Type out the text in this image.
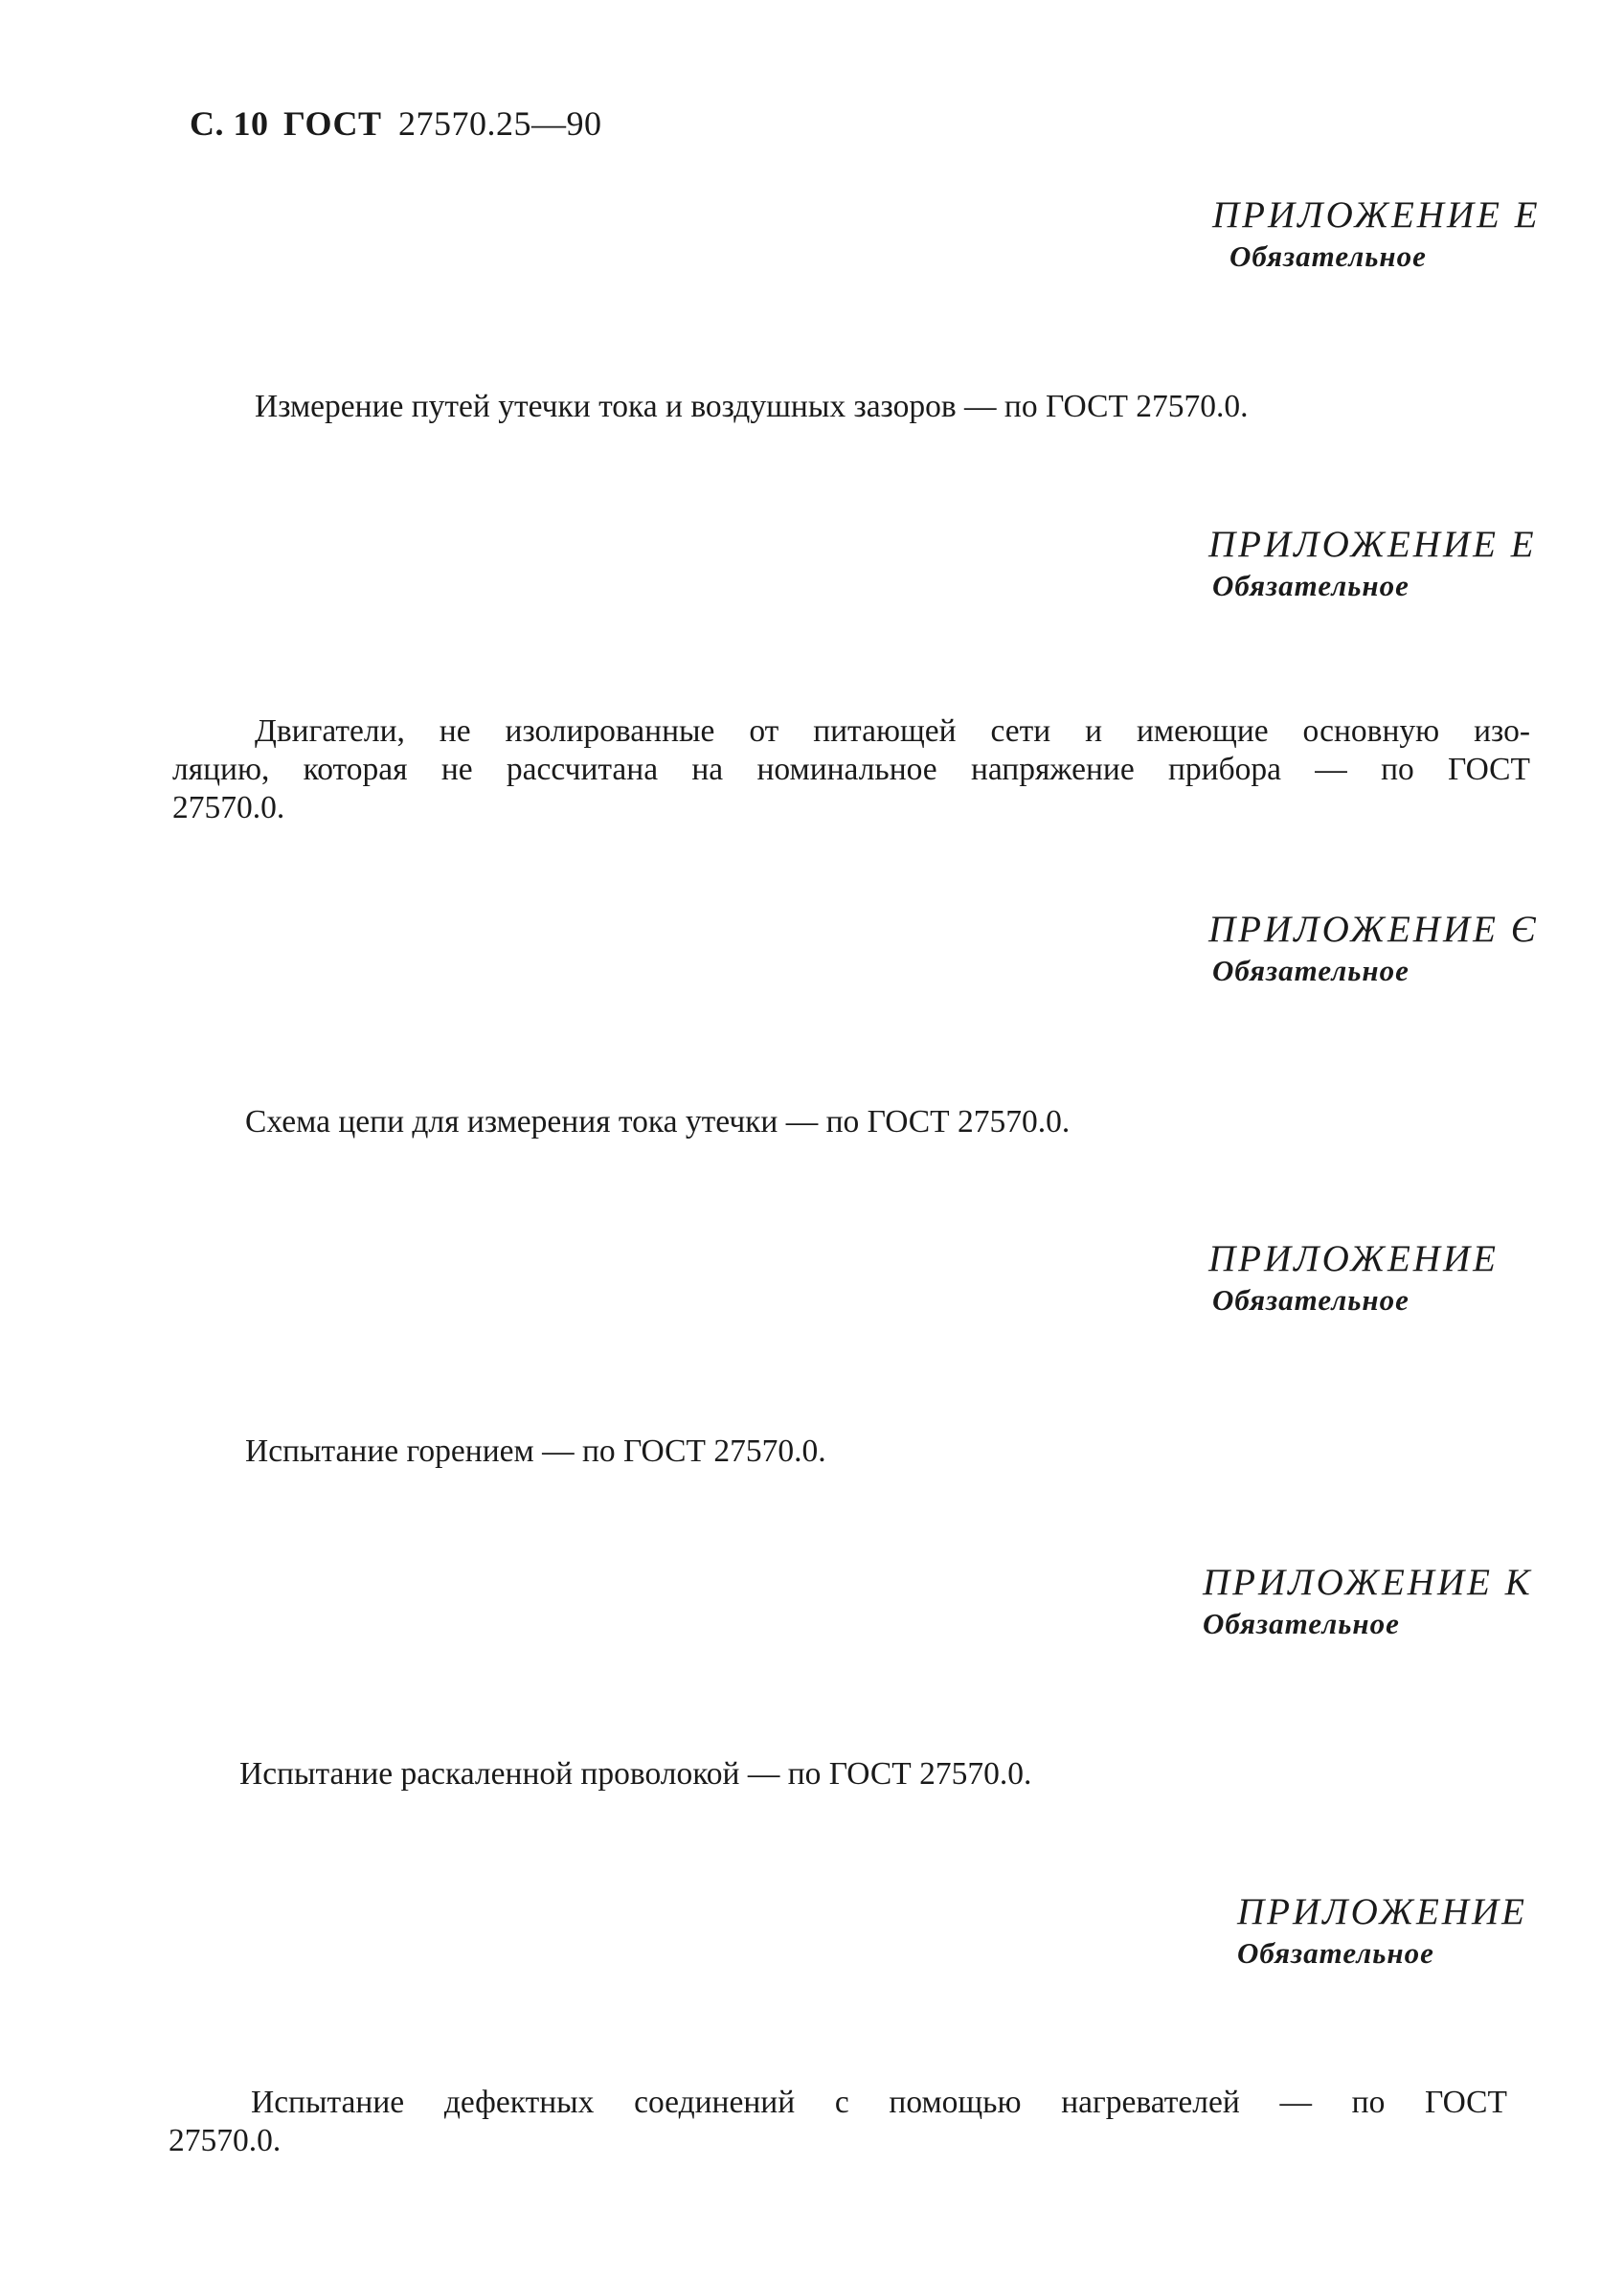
С. 10 ГОСТ 27570.25—90
ПРИЛОЖЕНИЕ Е
Обязательное
Измерение путей утечки тока и воздушных зазоров — по ГОСТ 27570.0.
ПРИЛОЖЕНИЕ Е
Обязательное
Двигатели, не изолированные от питающей сети и имеющие основную изо-
ляцию, которая не рассчитана на номинальное напряжение прибора — по ГОСТ
27570.0.
ПРИЛОЖЕНИЕ Є
Обязательное
Схема цепи для измерения тока утечки — по ГОСТ 27570.0.
ПРИЛОЖЕНИЕ
Обязательное
Испытание горением — по ГОСТ 27570.0.
ПРИЛОЖЕНИЕ К
Обязательное
Испытание раскаленной проволокой — по ГОСТ 27570.0.
ПРИЛОЖЕНИЕ
Обязательное
Испытание дефектных соединений с помощью нагревателей — по ГОСТ
27570.0.
